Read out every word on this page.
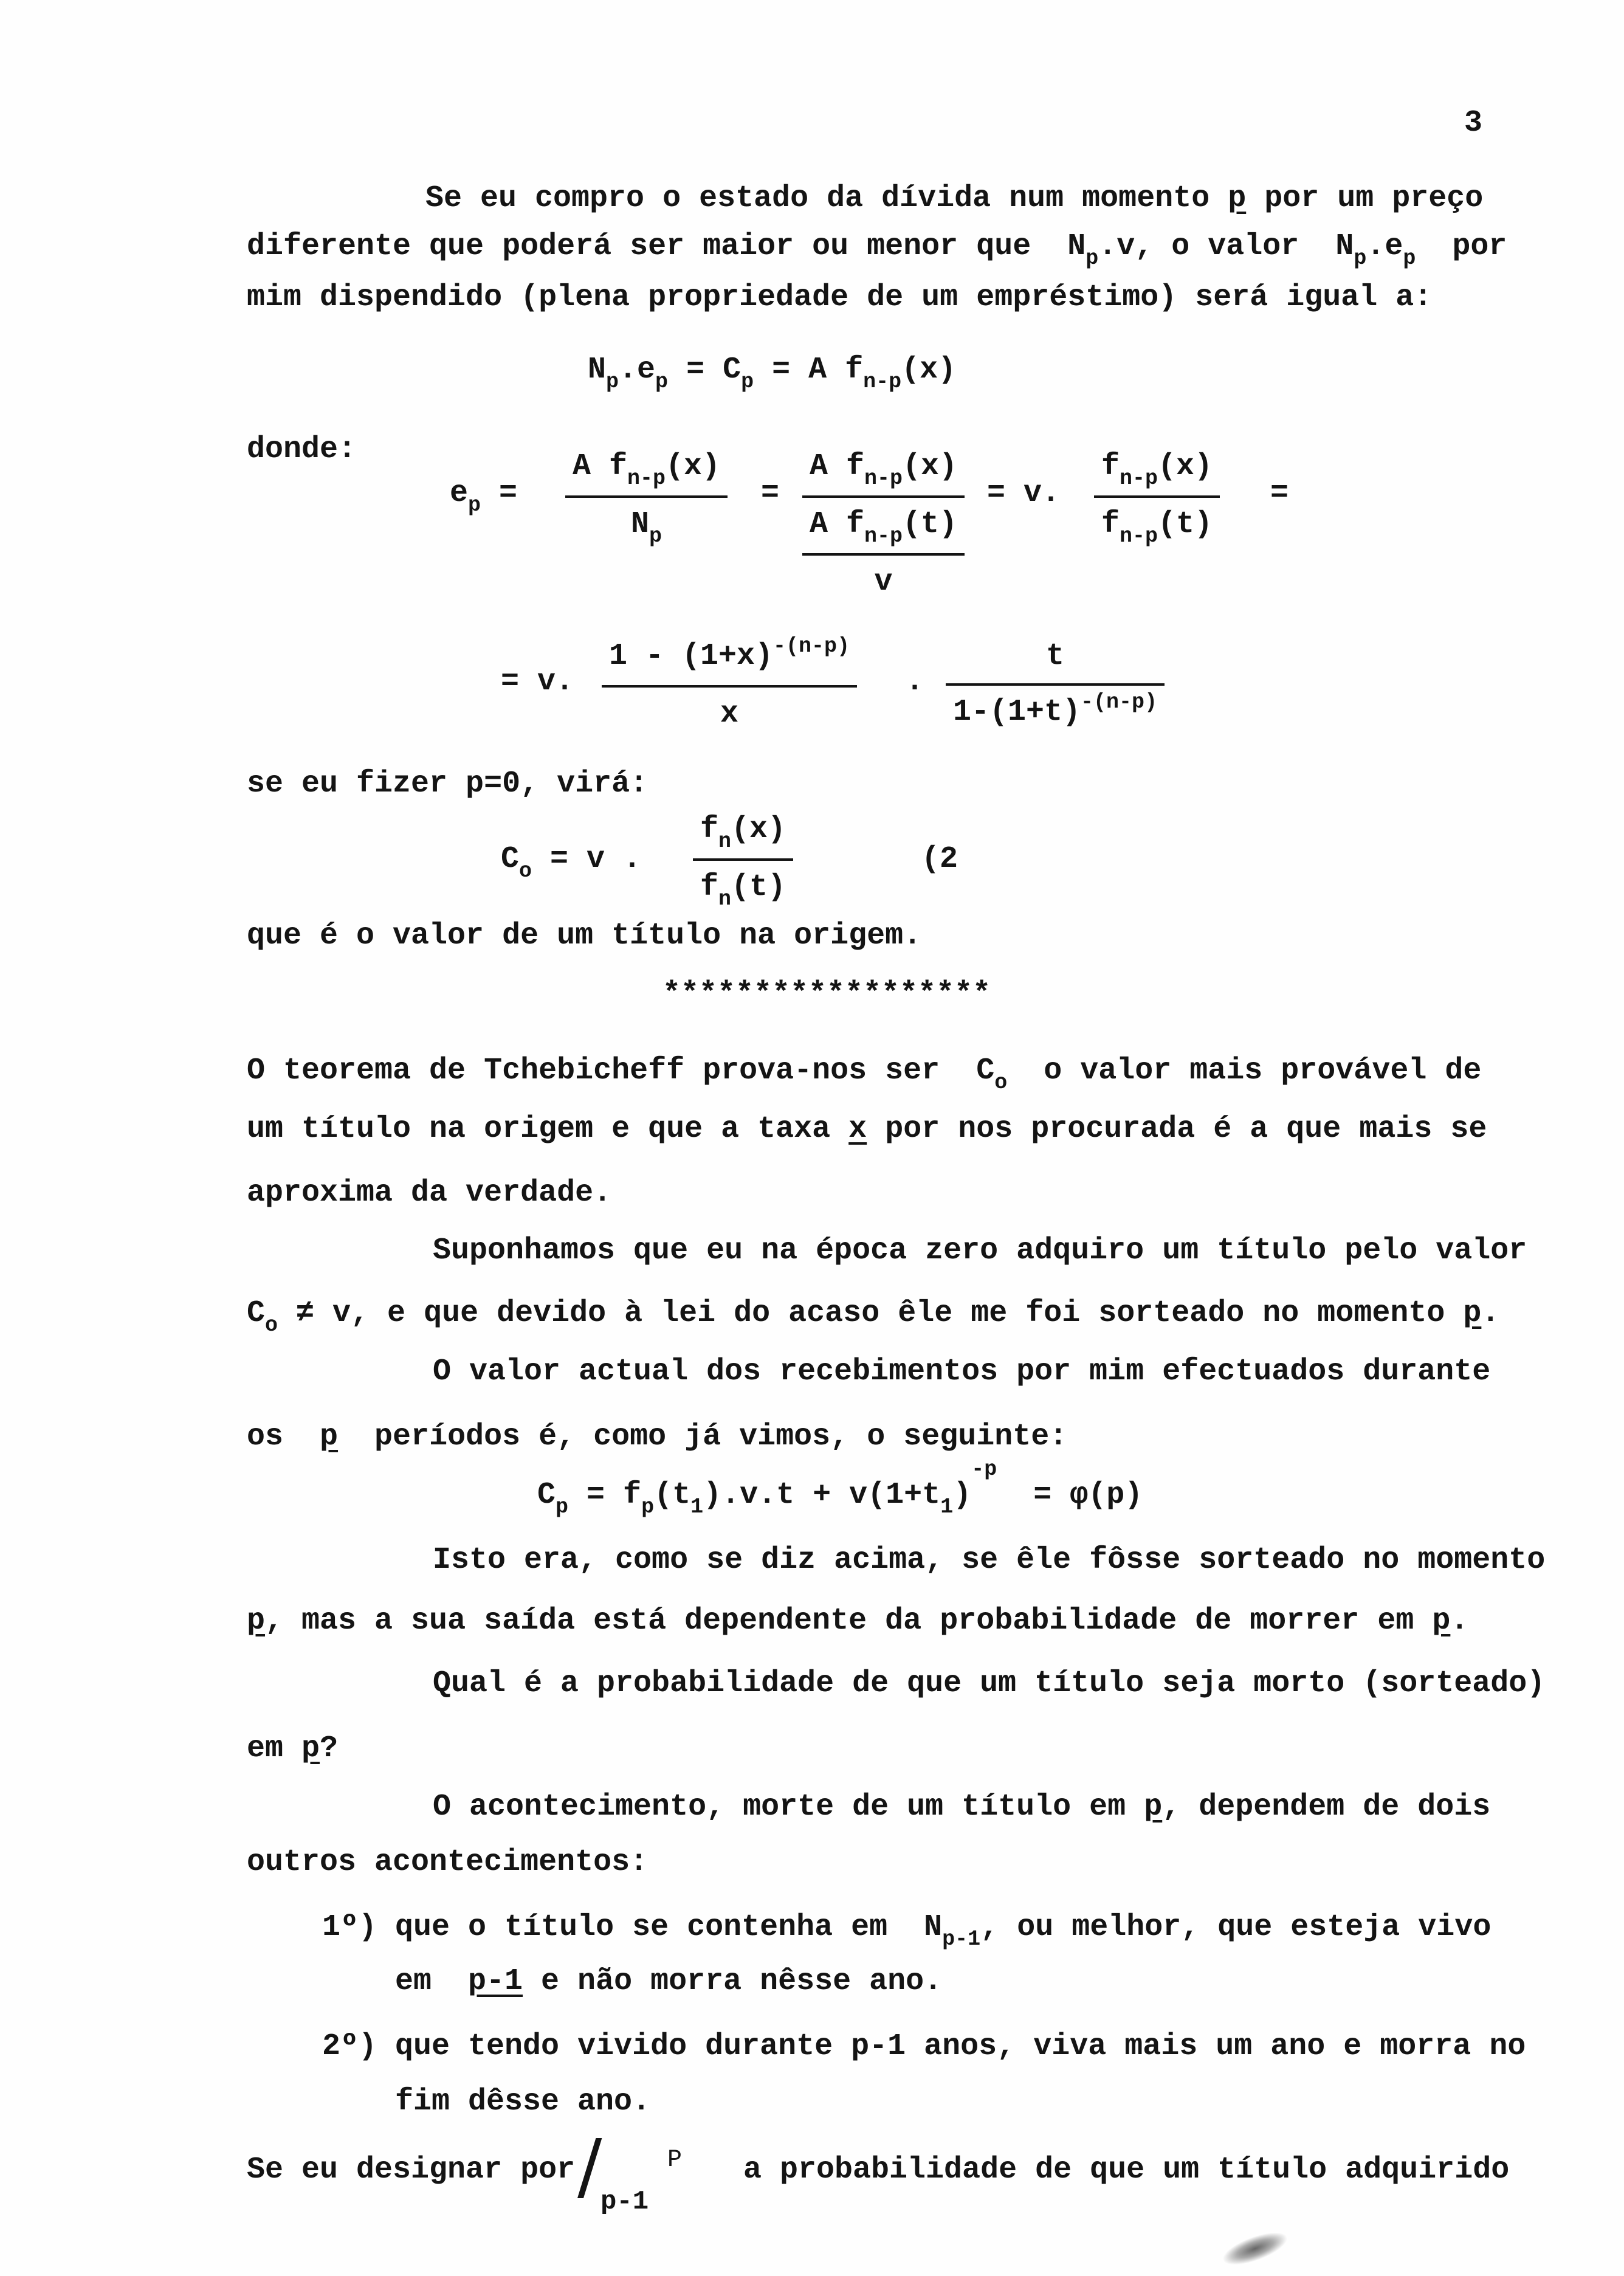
3
Se eu compro o estado da dívida num momento p por um preço
diferente que poderá ser maior ou menor que  $N_p.v$, o valor  $N_p.e_p$  por
mim dispendido (plena propriedade de um empréstimo) será igual a:
$N_p.e_p = C_p = A$ $f_{n-p}(x)$
donde:
$e_p = \frac{A f_{n-p}(x)}{N_p} = \frac{A f_{n-p}(x)}{\frac{A f_{n-p}(t)}{v}} = v$. $\frac{f_{n-p}(x)}{f_{n-p}(t)}$ =
= v. $\frac{1 - (1+x)^{-(n-p)}}{x}$ . $\frac{t}{1-(1+t)^{-(n-p)}}$
se eu fizer p=0, virá:
$C_o = v$ . $\frac{f_n(x)}{f_n(t)}$	(2
que é o valor de um título na origem.
******************
O teorema de Tchebicheff prova-nos ser  $C_o$  o valor mais provável de
um título na origem e que a taxa x por nos procurada é a que mais se
aproxima da verdade.
Suponhamos que eu na época zero adquiro um título pelo valor
$C_o \ne v$, e que devido à lei do acaso êle me foi sorteado no momento p.
O valor actual dos recebimentos por mim efectuados durante
os  p  períodos é, como já vimos, o seguinte:
$C_p = f_p(t_1).v.t + v(1+t_1)^{-p} = \varphi(p)$
Isto era, como se diz acima, se êle fôsse sorteado no momento
p, mas a sua saída está dependente da probabilidade de morrer em p.
Qual é a probabilidade de que um título seja morto (sorteado)
em p?
O acontecimento, morte de um título em p, dependem de dois
outros acontecimentos:
1º) que o título se contenha em  $N_{p-1}$, ou melhor, que esteja vivo
em  p-1 e não morra nêsse ano.
2º) que tendo vivido durante p-1 anos, viva mais um ano e morra no
fim dêsse ano.
Se eu designar por /
p-1
P a probabilidade de que um título adquirido
